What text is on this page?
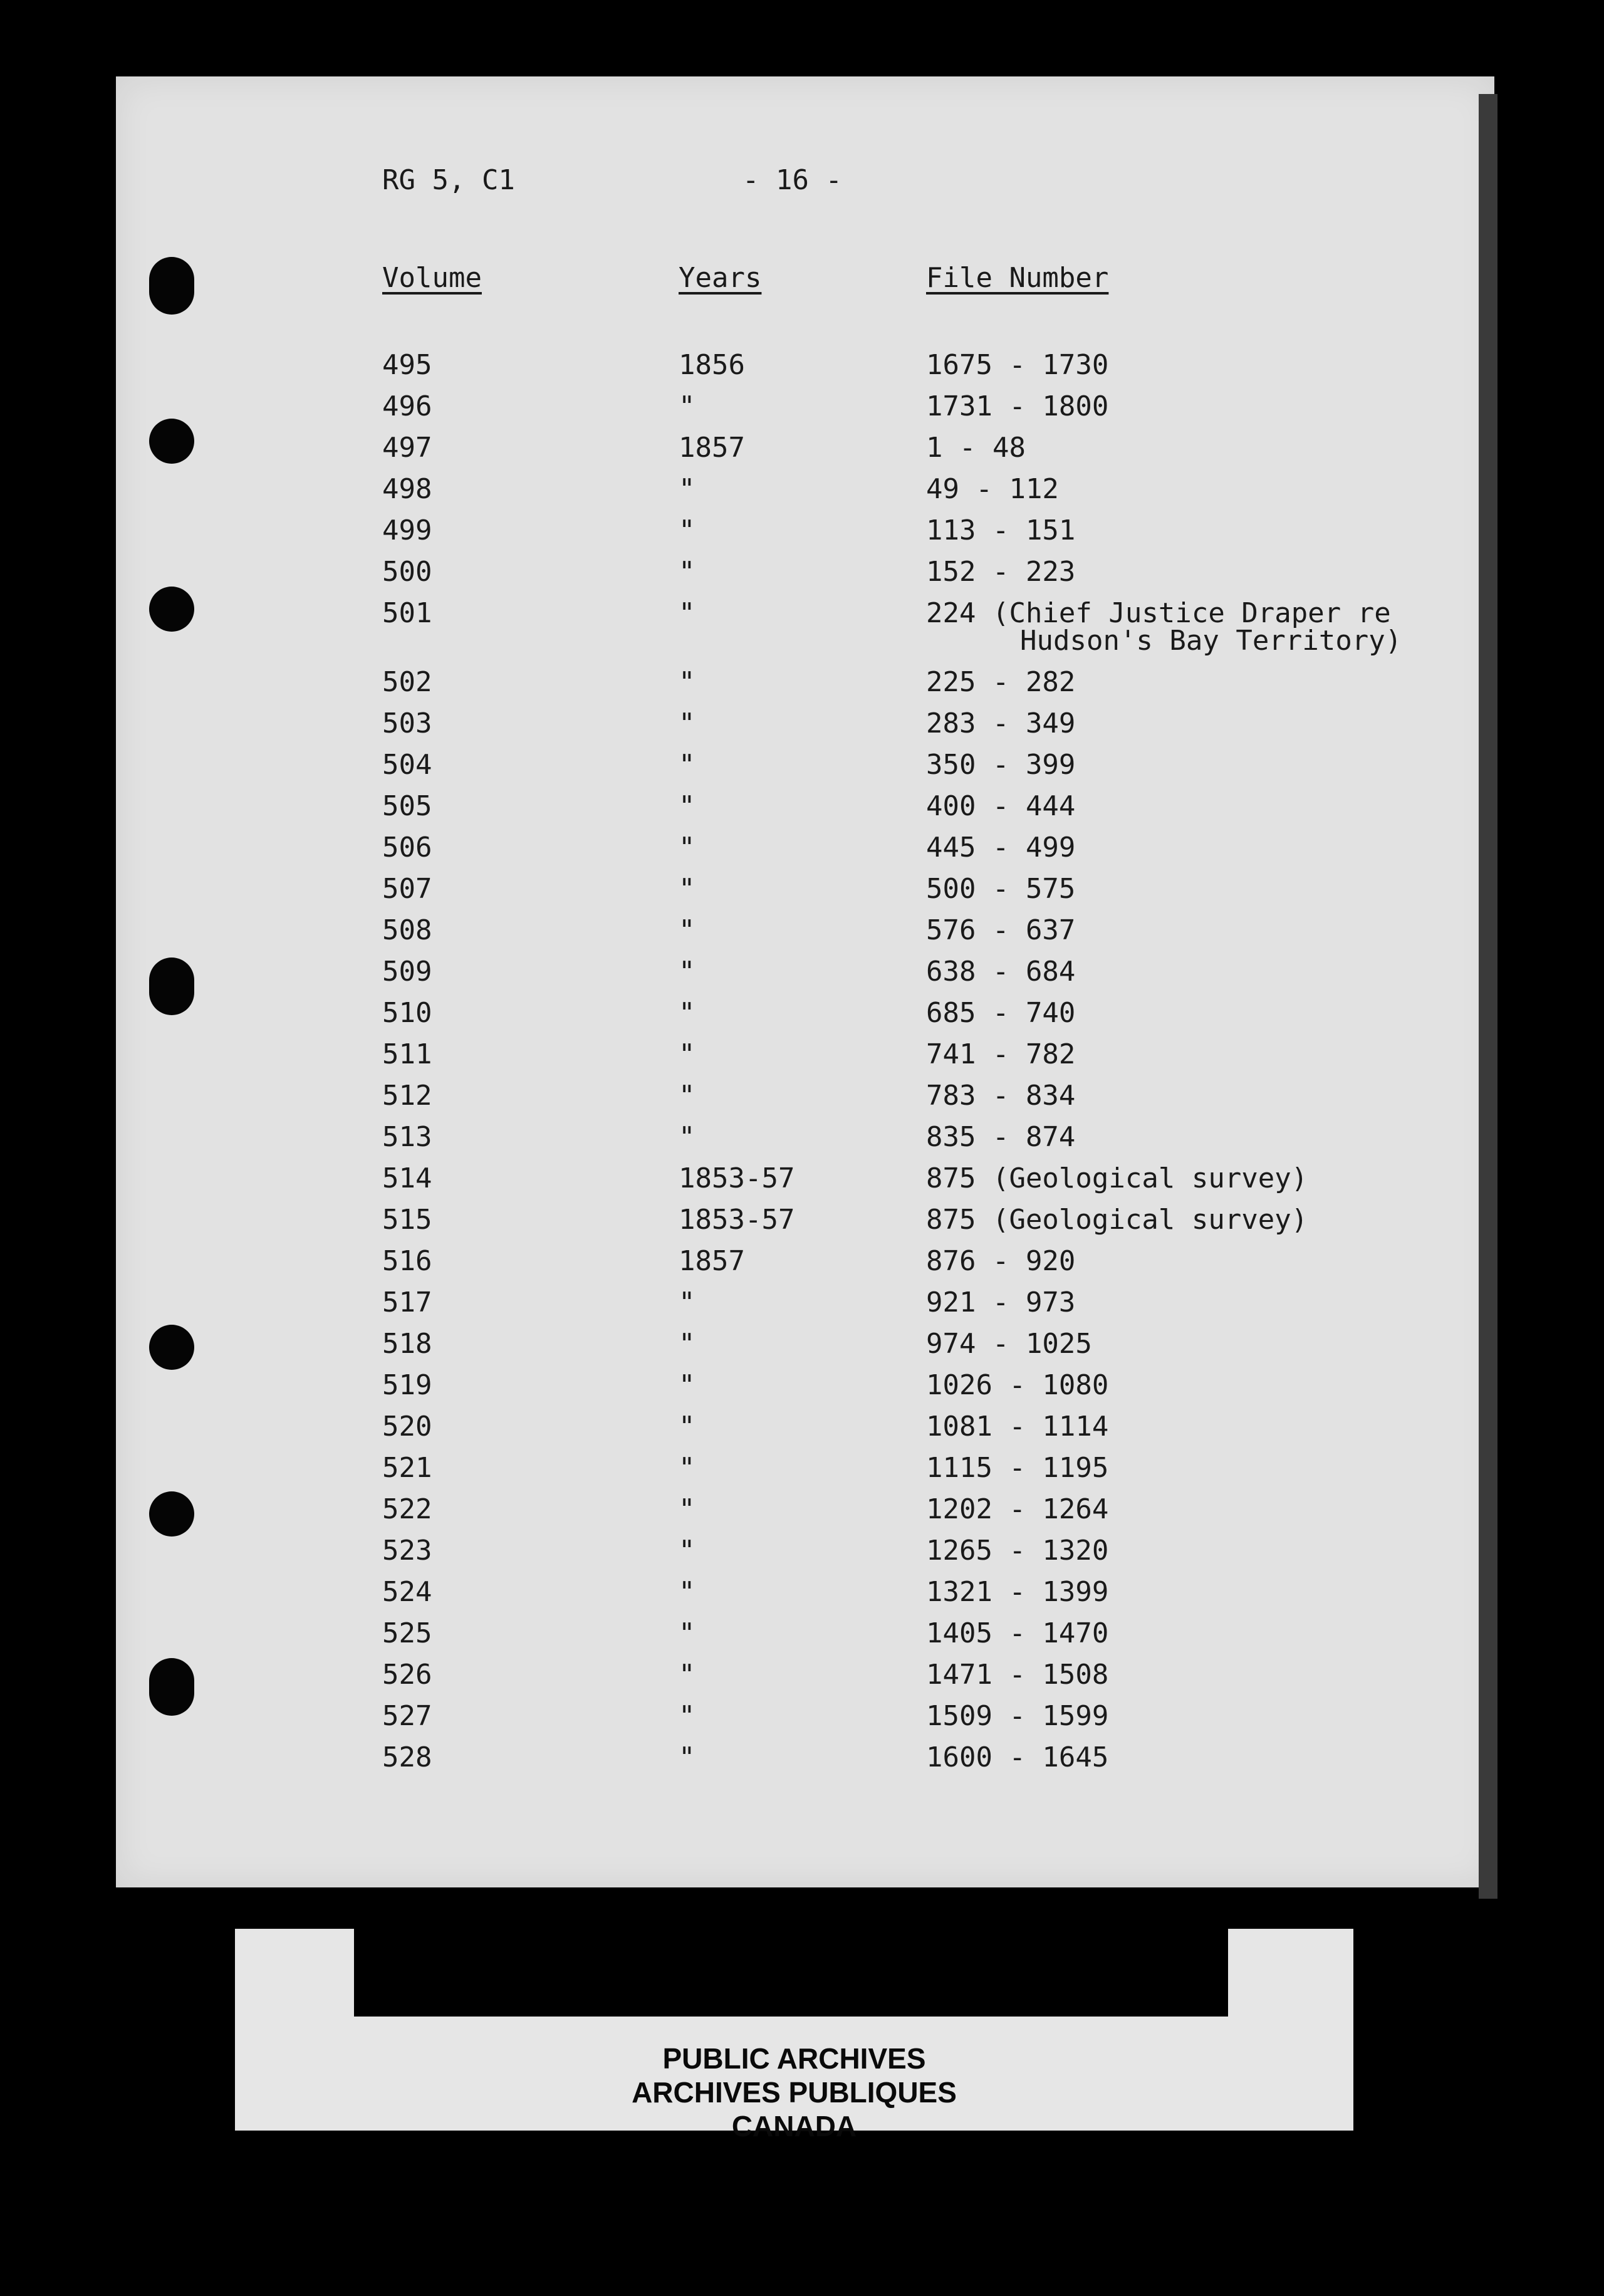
RG 5, C1	- 16 -
Volume	Years	File Number
495	1856	1675 - 1730
496	"	1731 - 1800
497	1857	1 - 48
498	"	49 - 112
499	"	113 - 151
500	"	152 - 223
501	"	224 (Chief Justice Draper re
Hudson's Bay Territory)
502	"	225 - 282
503	"	283 - 349
504	"	350 - 399
505	"	400 - 444
506	"	445 - 499
507	"	500 - 575
508	"	576 - 637
509	"	638 - 684
510	"	685 - 740
511	"	741 - 782
512	"	783 - 834
513	"	835 - 874
514	1853-57	875 (Geological survey)
515	1853-57	875 (Geological survey)
516	1857	876 - 920
517	"	921 - 973
518	"	974 - 1025
519	"	1026 - 1080
520	"	1081 - 1114
521	"	1115 - 1195
522	"	1202 - 1264
523	"	1265 - 1320
524	"	1321 - 1399
525	"	1405 - 1470
526	"	1471 - 1508
527	"	1509 - 1599
528	"	1600 - 1645
PUBLIC ARCHIVES
ARCHIVES PUBLIQUES
CANADA
